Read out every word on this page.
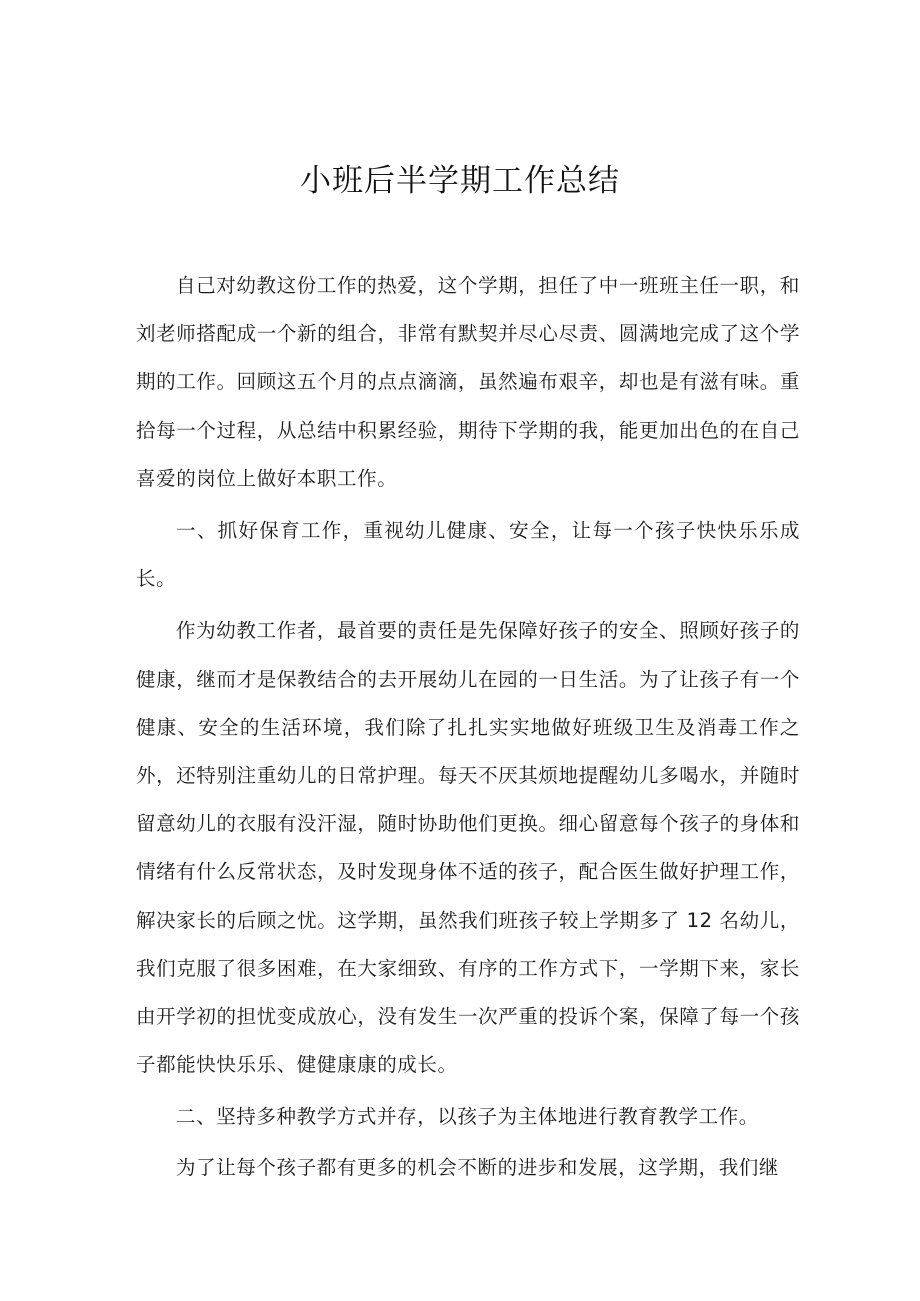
小班后半学期工作总结

自己对幼教这份工作的热爱，这个学期，担任了中一班班主任一职，和刘老师搭配成一个新的组合，非常有默契并尽心尽责、圆满地完成了这个学期的工作。回顾这五个月的点点滴滴，虽然遍布艰辛，却也是有滋有味。重拾每一个过程，从总结中积累经验，期待下学期的我，能更加出色的在自己喜爱的岗位上做好本职工作。

一、抓好保育工作，重视幼儿健康、安全，让每一个孩子快快乐乐成长。

作为幼教工作者，最首要的责任是先保障好孩子的安全、照顾好孩子的健康，继而才是保教结合的去开展幼儿在园的一日生活。为了让孩子有一个健康、安全的生活环境，我们除了扎扎实实地做好班级卫生及消毒工作之外，还特别注重幼儿的日常护理。每天不厌其烦地提醒幼儿多喝水，并随时留意幼儿的衣服有没汗湿，随时协助他们更换。细心留意每个孩子的身体和情绪有什么反常状态，及时发现身体不适的孩子，配合医生做好护理工作，解决家长的后顾之忧。这学期，虽然我们班孩子较上学期多了 12 名幼儿，我们克服了很多困难，在大家细致、有序的工作方式下，一学期下来，家长由开学初的担忧变成放心，没有发生一次严重的投诉个案，保障了每一个孩子都能快快乐乐、健健康康的成长。

二、坚持多种教学方式并存，以孩子为主体地进行教育教学工作。

为了让每个孩子都有更多的机会不断的进步和发展，这学期，我们继
